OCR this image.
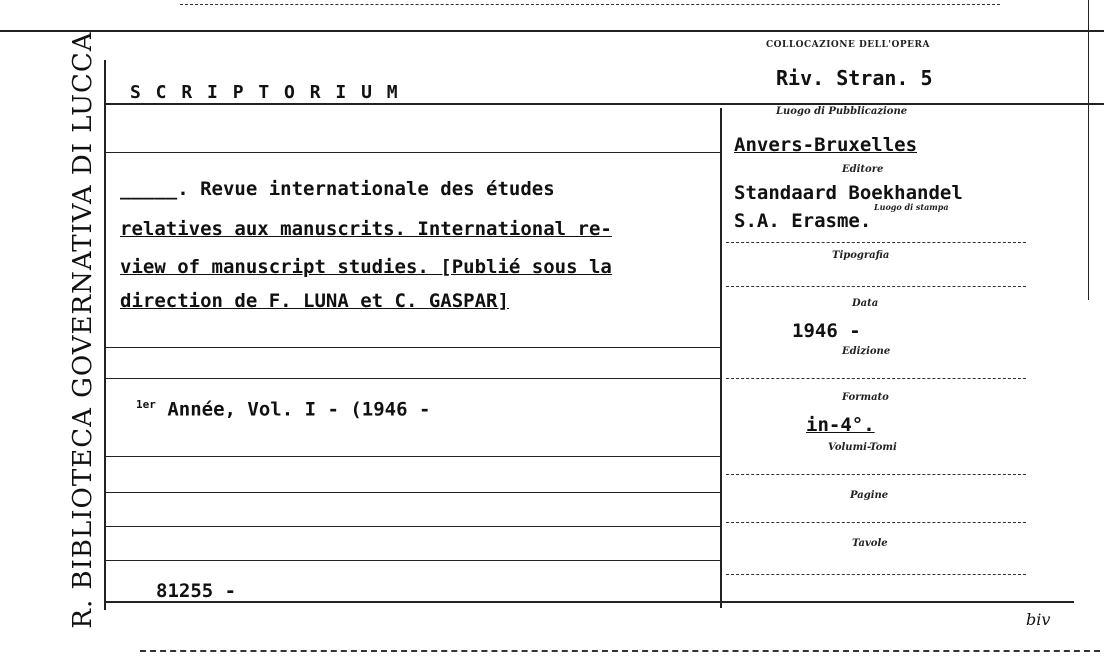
R. BIBLIOTECA GOVERNATIVA DI LUCCA	COLLOCAZIONE DELL'OPERA
Riv. Stran. 5
S C R I P T O R I U M
_____. Revue internationale des études
relatives aux manuscrits. International re-
view of manuscript studies. [Publié sous la
direction de F. LUNA et C. GASPAR]
$^{1er}$ Année, Vol. I - (1946 -
81255 -
Luogo di Pubblicazione
Anvers-Bruxelles
Editore
Standaard Boekhandel
S.A. Erasme.
Luogo di stampa
Tipografia
Data
1946 -
Edizione
Formato
in-4°.
Volumi-Tomi
Pagine
Tavole
biv
